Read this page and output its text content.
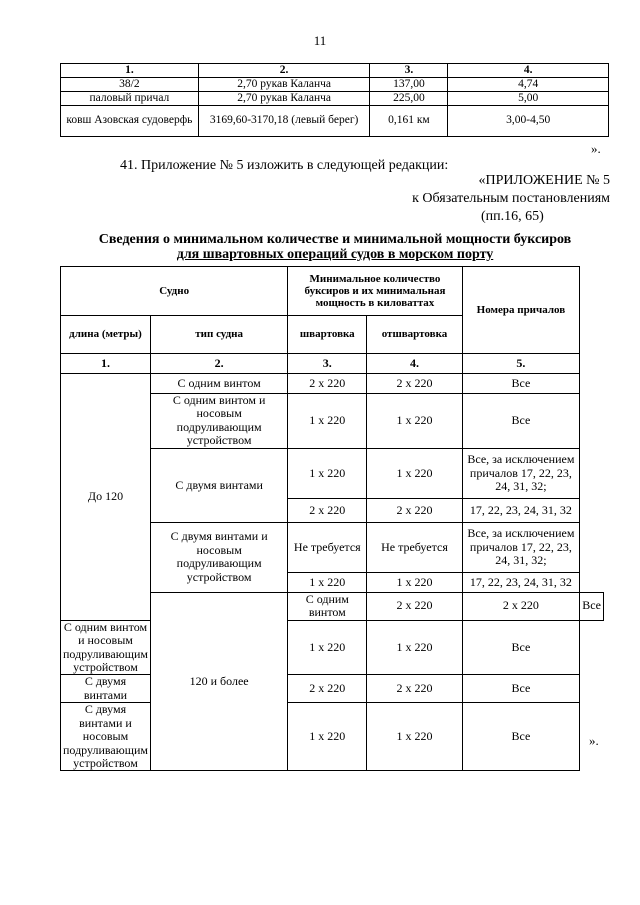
11
1.	2.	3.	4.
38/2	2,70 рукав Каланча	137,00	4,74
паловый причал	2,70 рукав Каланча	225,00	5,00
ковш Азовская судоверфь	3169,60-3170,18 (левый берег)	0,161 км	3,00-4,50
».
41. Приложение № 5 изложить в следующей редакции:
«ПРИЛОЖЕНИЕ № 5
к Обязательным постановлениям
(пп.16, 65)
Сведения о минимальном количестве и минимальной мощности буксиров
для швартовных операций судов в морском порту
Судно		Минимальное количество буксиров и их минимальная мощность в киловаттах		Номера причалов	
длина (метры)	тип судна	швартовка	отшвартовка		
1.	2.	3.	4.	5.	
До 120	С одним винтом	2 х 220	2 х 220	Все	
	С одним винтом и носовым подруливающим устройством	1 х 220	1 х 220	Все	
	С двумя винтами	1 х 220	1 х 220	Все, за исключением причалов 17, 22, 23, 24, 31, 32;	
		2 х 220	2 х 220	17, 22, 23, 24, 31, 32	
	С двумя винтами и носовым подруливающим устройством	Не требуется	Не требуется	Все, за исключением причалов 17, 22, 23, 24, 31, 32;	
		1 х 220	1 х 220	17, 22, 23, 24, 31, 32	
	120 и более	С одним винтом	2 х 220	2 х 220	Все
С одним винтом и носовым подруливающим устройством		1 х 220	1 х 220	Все	
С двумя винтами		2 х 220	2 х 220	Все	
С двумя винтами и носовым подруливающим устройством		1 х 220	1 х 220	Все		».
